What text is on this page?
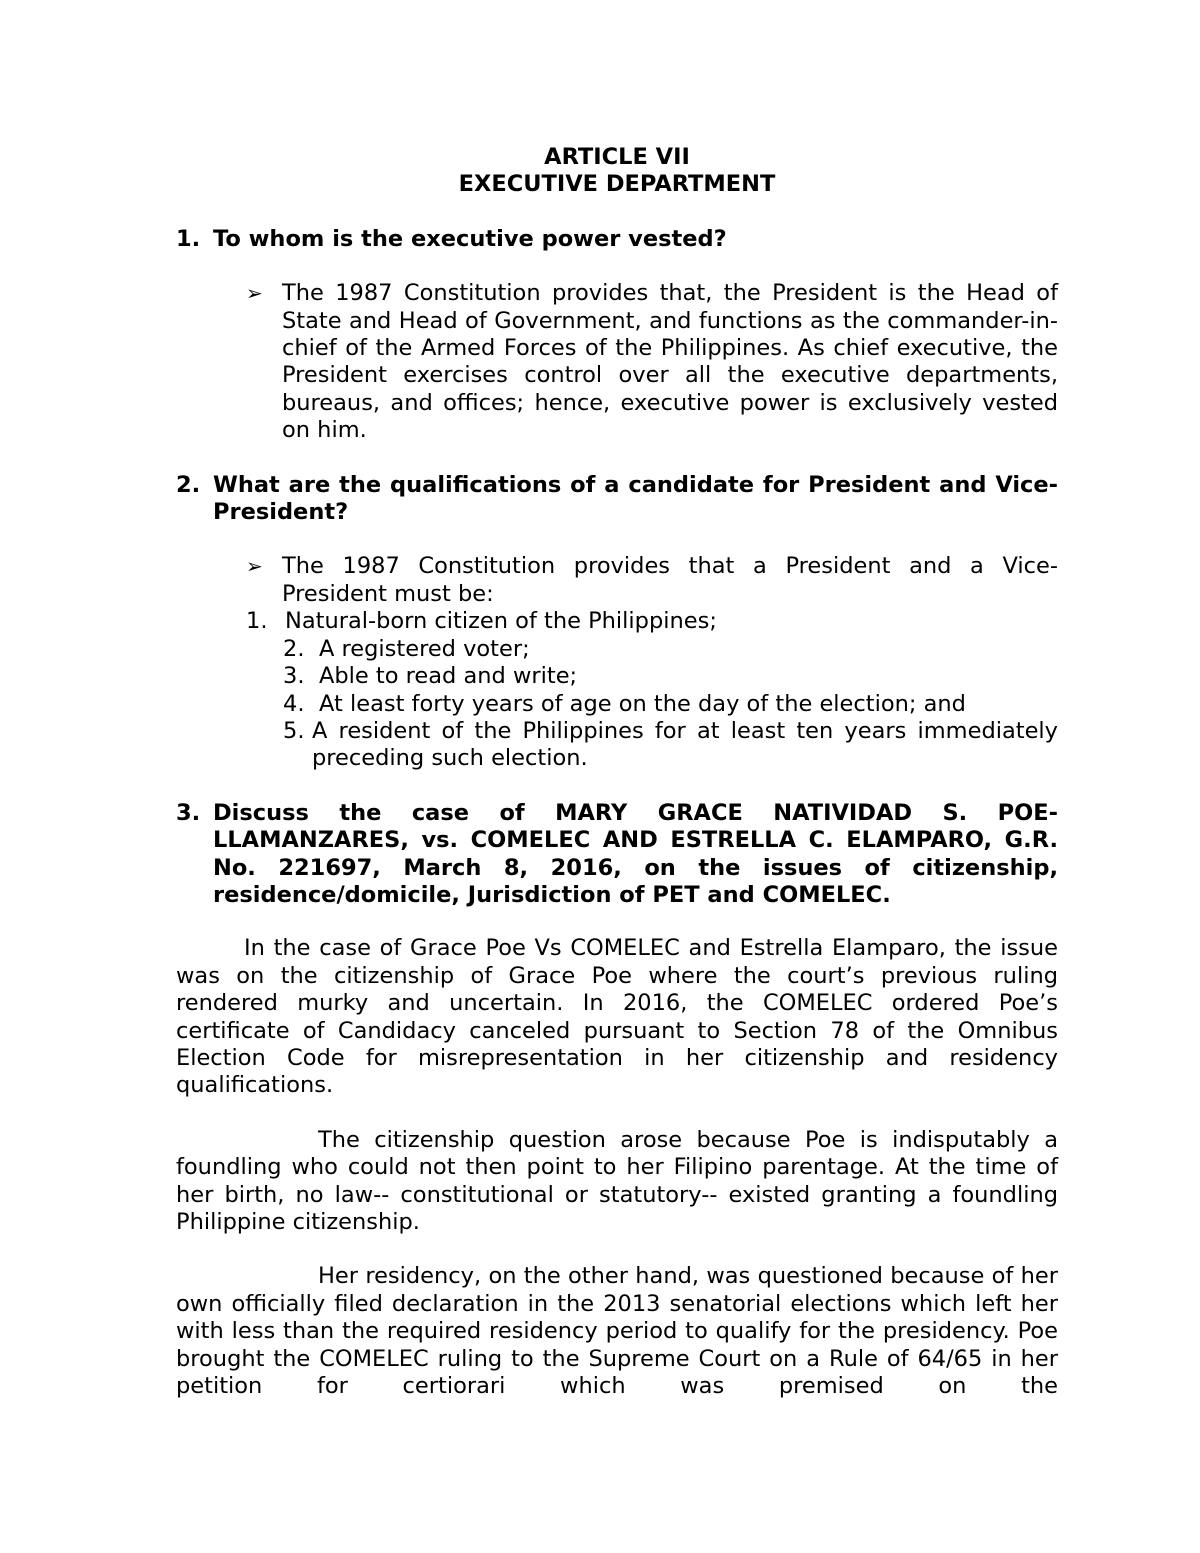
ARTICLE VII

EXECUTIVE DEPARTMENT

1. To whom is the executive power vested?
➢ The 1987 Constitution provides that, the President is the Head of State and Head of Government, and functions as the commander-in-chief of the Armed Forces of the Philippines. As chief executive, the President exercises control over all the executive departments, bureaus, and offices; hence, executive power is exclusively vested on him.
2. What are the qualifications of a candidate for President and Vice-President?
➢ The 1987 Constitution provides that a President and a Vice-President must be:
1. Natural-born citizen of the Philippines;
2. A registered voter;
3. Able to read and write;
4. At least forty years of age on the day of the election; and
5. A resident of the Philippines for at least ten years immediately preceding such election.
3. Discuss the case of MARY GRACE NATIVIDAD S. POE-LLAMANZARES, vs. COMELEC AND ESTRELLA C. ELAMPARO, G.R. No. 221697, March 8, 2016, on the issues of citizenship, residence/domicile, Jurisdiction of PET and COMELEC.

In the case of Grace Poe Vs COMELEC and Estrella Elamparo, the issue was on the citizenship of Grace Poe where the court’s previous ruling rendered murky and uncertain. In 2016, the COMELEC ordered Poe’s certificate of Candidacy canceled pursuant to Section 78 of the Omnibus Election Code for misrepresentation in her citizenship and residency qualifications.

The citizenship question arose because Poe is indisputably a foundling who could not then point to her Filipino parentage. At the time of her birth, no law-- constitutional or statutory-- existed granting a foundling Philippine citizenship.

Her residency, on the other hand, was questioned because of her own officially filed declaration in the 2013 senatorial elections which left her with less than the required residency period to qualify for the presidency. Poe brought the COMELEC ruling to the Supreme Court on a Rule of 64/65 in her petition for certiorari which was premised on the
